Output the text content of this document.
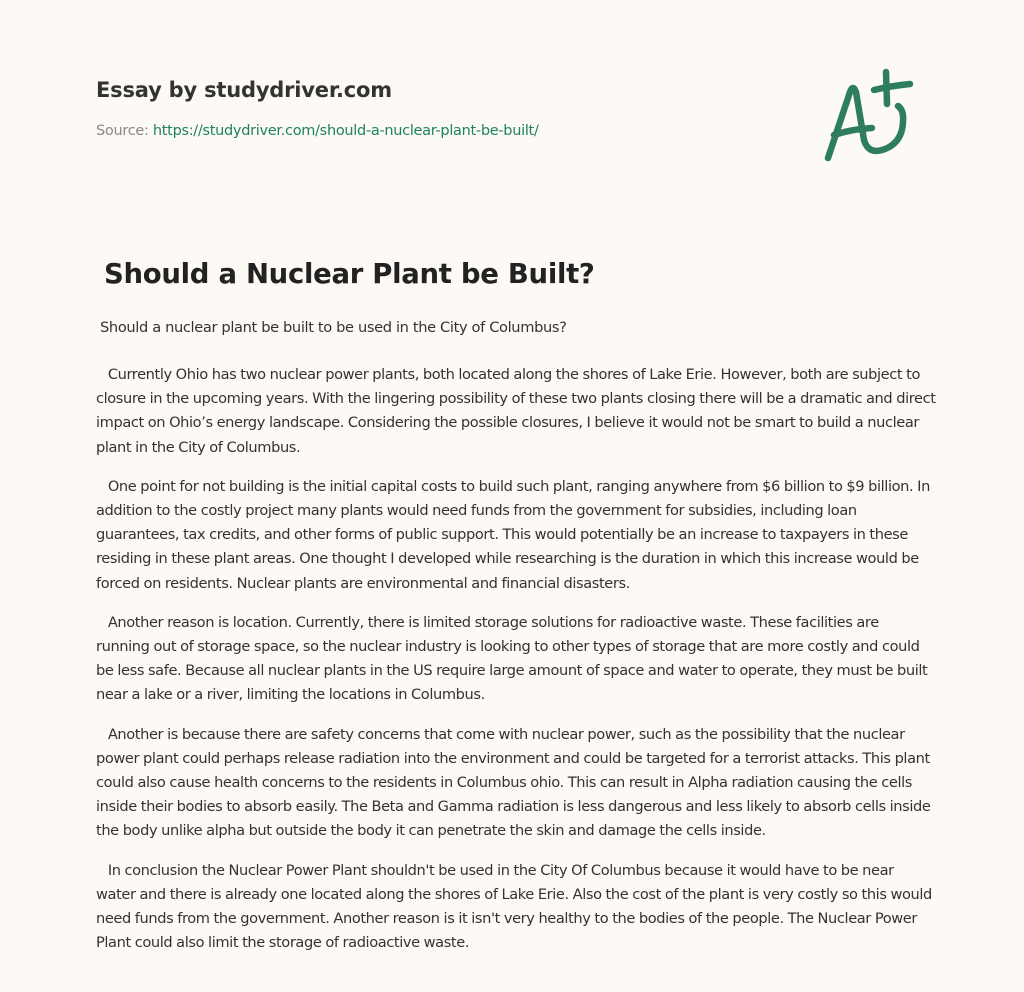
Essay by studydriver.com
Source: https://studydriver.com/should-a-nuclear-plant-be-built/
Should a Nuclear Plant be Built?

Should a nuclear plant be built to be used in the City of Columbus?

Currently Ohio has two nuclear power plants, both located along the shores of Lake Erie. However, both are subject to closure in the upcoming years. With the lingering possibility of these two plants closing there will be a dramatic and direct impact on Ohio’s energy landscape. Considering the possible closures, I believe it would not be smart to build a nuclear plant in the City of Columbus.

One point for not building is the initial capital costs to build such plant, ranging anywhere from $6 billion to $9 billion. In addition to the costly project many plants would need funds from the government for subsidies, including loan guarantees, tax credits, and other forms of public support. This would potentially be an increase to taxpayers in these residing in these plant areas. One thought I developed while researching is the duration in which this increase would be forced on residents. Nuclear plants are environmental and financial disasters.

Another reason is location. Currently, there is limited storage solutions for radioactive waste. These facilities are running out of storage space, so the nuclear industry is looking to other types of storage that are more costly and could be less safe. Because all nuclear plants in the US require large amount of space and water to operate, they must be built near a lake or a river, limiting the locations in Columbus.

Another is because there are safety concerns that come with nuclear power, such as the possibility that the nuclear power plant could perhaps release radiation into the environment and could be targeted for a terrorist attacks. This plant could also cause health concerns to the residents in Columbus ohio. This can result in Alpha radiation causing the cells inside their bodies to absorb easily. The Beta and Gamma radiation is less dangerous and less likely to absorb cells inside the body unlike alpha but outside the body it can penetrate the skin and damage the cells inside.

In conclusion the Nuclear Power Plant shouldn't be used in the City Of Columbus because it would have to be near water and there is already one located along the shores of Lake Erie. Also the cost of the plant is very costly so this would need funds from the government. Another reason is it isn't very healthy to the bodies of the people. The Nuclear Power Plant could also limit the storage of radioactive waste.
